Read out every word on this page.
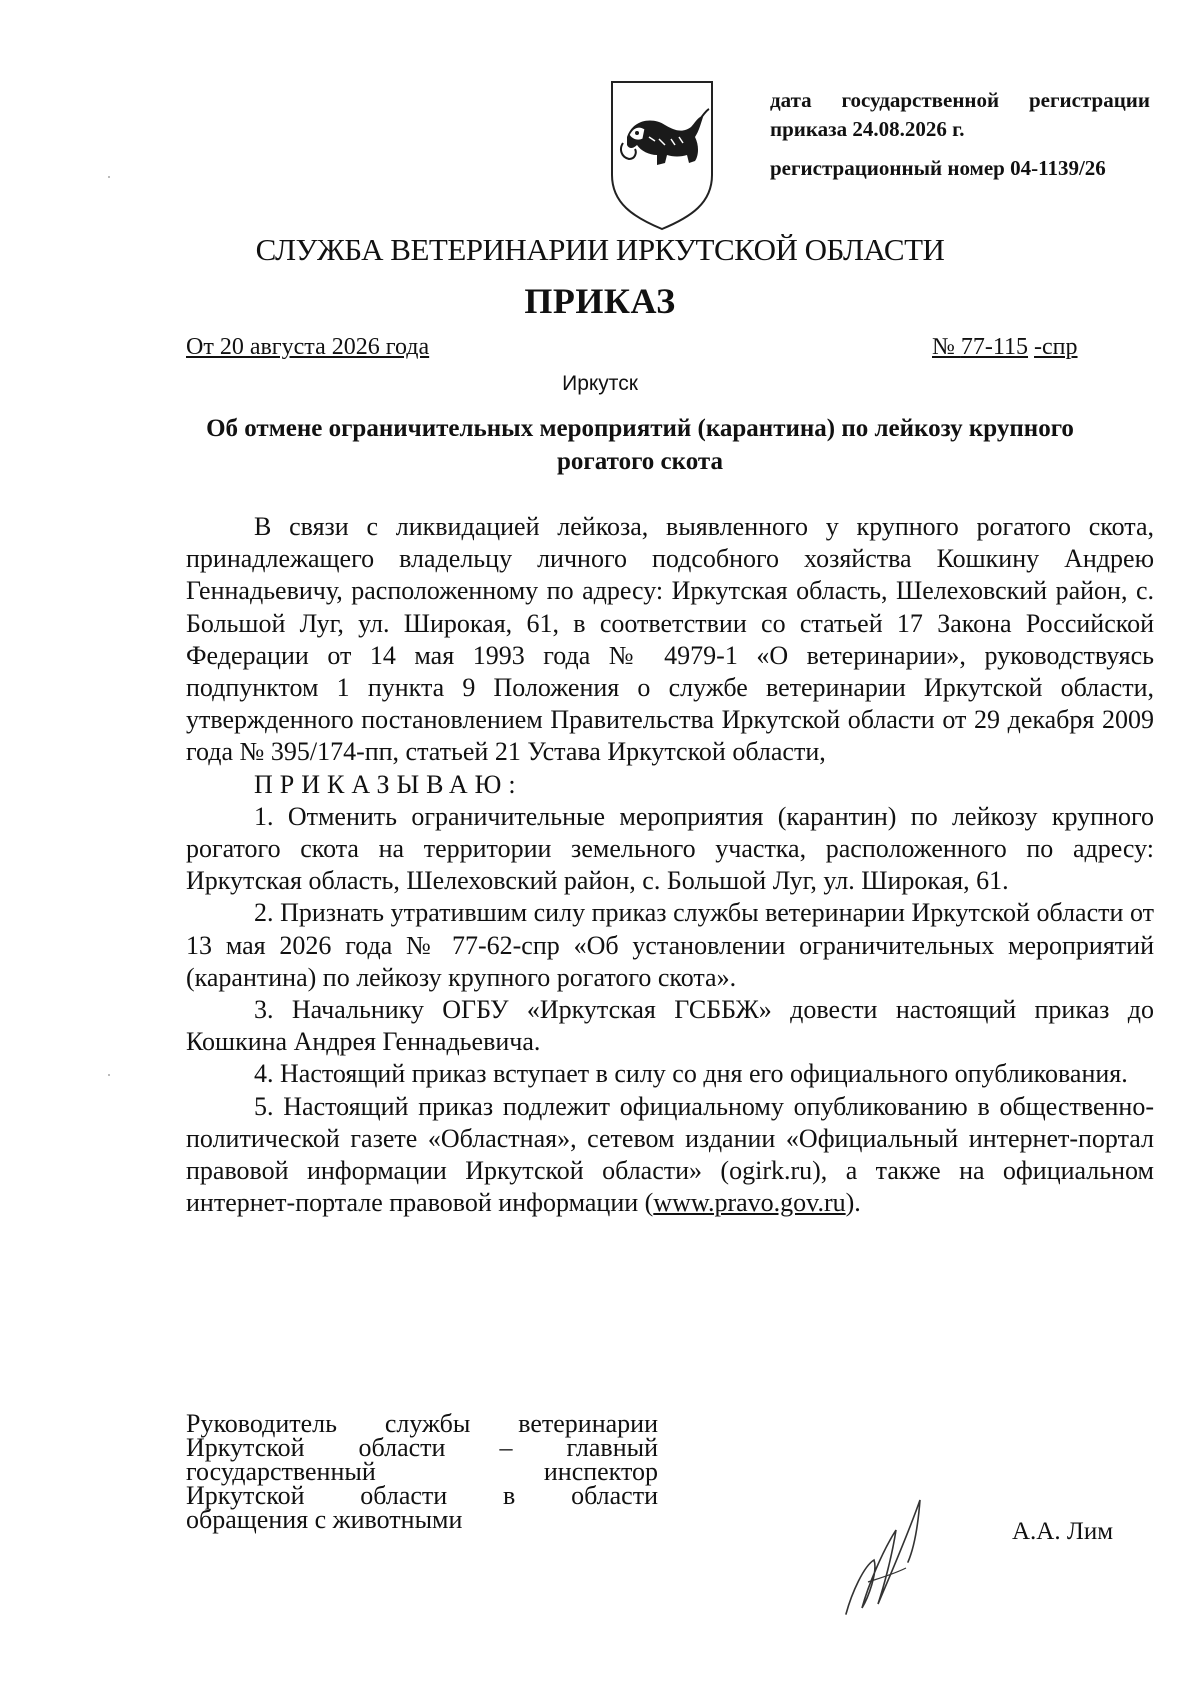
дата государственной регистрации
приказа 24.08.2026 г.
регистрационный номер 04-1139/26
СЛУЖБА ВЕТЕРИНАРИИ ИРКУТСКОЙ ОБЛАСТИ
ПРИКАЗ
От 20 августа 2026 года	№ 77-115 -спр
Иркутск
Об отмене ограничительных мероприятий (карантина) по лейкозу крупного рогатого скота

В связи с ликвидацией лейкоза, выявленного у крупного рогатого скота, принадлежащего владельцу личного подсобного хозяйства Кошкину Андрею Геннадьевичу, расположенному по адресу: Иркутская область, Шелеховский район, с. Большой Луг, ул. Широкая, 61, в соответствии со статьей 17 Закона Российской Федерации от 14 мая 1993 года № 4979-1 «О ветеринарии», руководствуясь подпунктом 1 пункта 9 Положения о службе ветеринарии Иркутской области, утвержденного постановлением Правительства Иркутской области от 29 декабря 2009 года № 395/174-пп, статьей 21 Устава Иркутской области,

ПРИКАЗЫВАЮ:

1. Отменить ограничительные мероприятия (карантин) по лейкозу крупного рогатого скота на территории земельного участка, расположенного по адресу: Иркутская область, Шелеховский район, с. Большой Луг, ул. Широкая, 61.

2. Признать утратившим силу приказ службы ветеринарии Иркутской области от 13 мая 2026 года № 77-62-спр «Об установлении ограничительных мероприятий (карантина) по лейкозу крупного рогатого скота».

3. Начальнику ОГБУ «Иркутская ГСББЖ» довести настоящий приказ до Кошкина Андрея Геннадьевича.

4. Настоящий приказ вступает в силу со дня его официального опубликования.

5. Настоящий приказ подлежит официальному опубликованию в общественно-политической газете «Областная», сетевом издании «Официальный интернет-портал правовой информации Иркутской области» (ogirk.ru), а также на официальном интернет-портале правовой информации (www.pravo.gov.ru).

Руководитель службы ветеринарии
Иркутской области – главный
государственный инспектор
Иркутской области в области
обращения с животными	А.А. Лим
